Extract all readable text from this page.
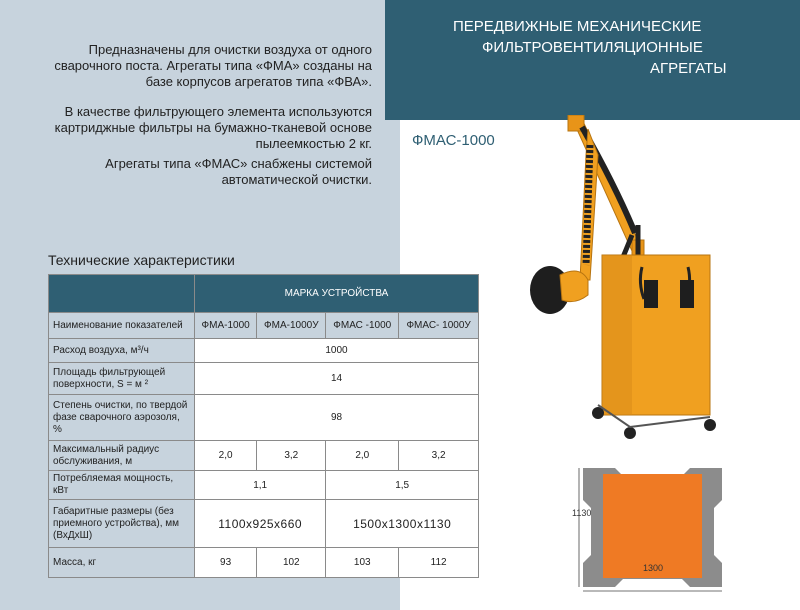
ПЕРЕДВИЖНЫЕ МЕХАНИЧЕСКИЕ
ФИЛЬТРОВЕНТИЛЯЦИОННЫЕ
АГРЕГАТЫ

Предназначены для очистки воздуха от одного сварочного поста. Агрегаты типа «ФМА» созданы на базе корпусов агрегатов типа «ФВА».

В качестве фильтрующего элемента используются картриджные фильтры на бумажно-тканевой основе пылеемкостью 2 кг.

Агрегаты типа «ФМАС» снабжены системой автоматической очистки.

ФМАС-1000
Технические характеристики
	МАРКА УСТРОЙСТВА			
Наименование показателей	ФМА-1000	ФМА-1000У	ФМАС -1000	ФМАС- 1000У
Расход воздуха, м³/ч	1000			
Площадь фильтрующей поверхности, S = м ²	14			
Степень очистки, по твердой фазе сварочного аэрозоля, %	98			
Максимальный радиус обслуживания, м	2,0	3,2	2,0	3,2
Потребляемая мощность, кВт	1,1		1,5	
Габаритные размеры (без приемного устройства), мм (ВхДхШ)	1100х925х660		1500х1300х1130	
Масса, кг	93	102	103	112
1130
1300
